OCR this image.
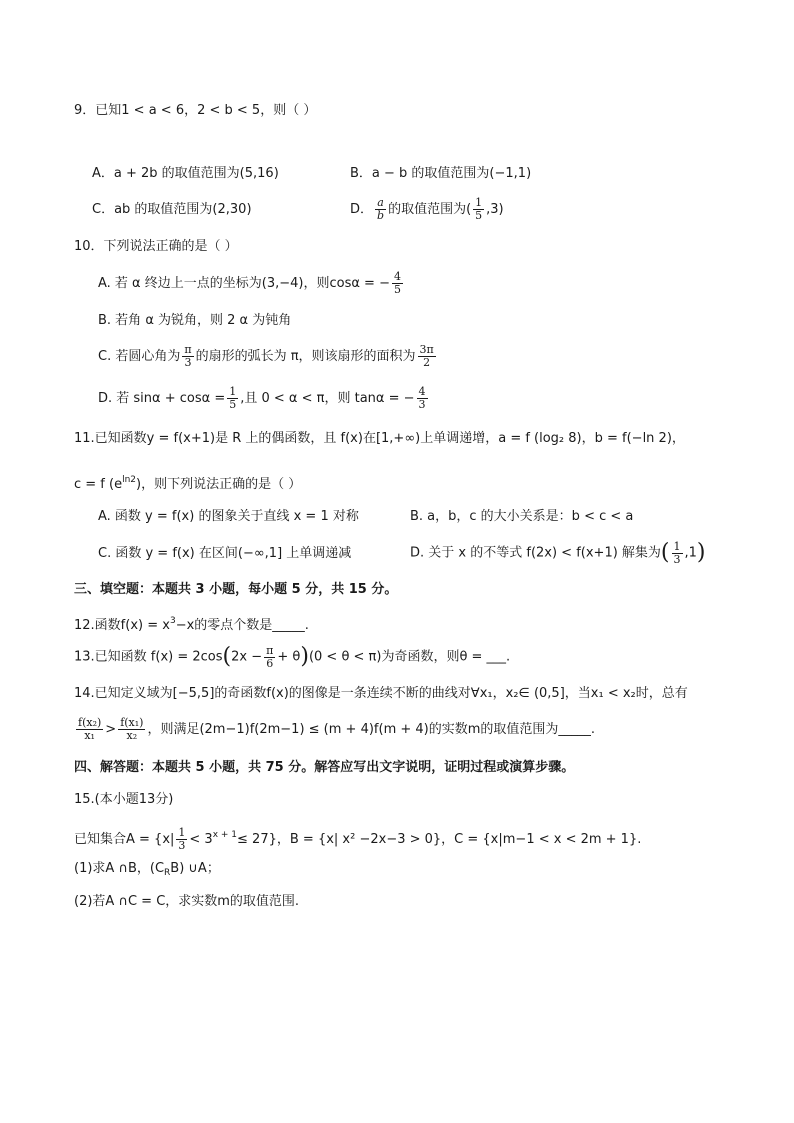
9．已知1 < a < 6，2 < b < 5，则（ ）
A．a + 2b 的取值范围为(5,16)	B．a − b 的取值范围为(−1,1)
C．ab 的取值范围为(2,30)	D． $\frac{a}{b}$ 的取值范围为( $\frac{1}{5} ,3$)
10．下列说法正确的是（ ）
A. 若 α 终边上一点的坐标为(3,−4)，则cosα = − $\frac{4}{5}$
B. 若角 α 为锐角，则 2 α 为钝角
C. 若圆心角为 $\frac{\pi}{3}$ 的扇形的弧长为 π，则该扇形的面积为 $\frac{3\pi}{2}$
D. 若 $\sin\alpha + \cos\alpha = \frac{1}{5}$ ,且 0 < α < π，则 tanα = − $\frac{4}{3}$
11.已知函数y = f(x+1)是 R 上的偶函数，且 f(x)在[1,+∞)上单调递增，a = f (log₂ 8)，b = f(−ln 2)，
c = f $(e^{ln2})$，则下列说法正确的是（ ）
A. 函数 y = f(x) 的图象关于直线 x = 1 对称	B. a，b，c 的大小关系是：b < c < a
C. 函数 y = f(x) 在区间(−∞,1] 上单调递减	D. 关于 x 的不等式 f(2x) < f(x+1) 解集为( $\frac{1}{3} ,1$)
三、填空题：本题共 3 小题，每小题 5 分，共 15 分。
12.函数$f(x) = x^3-x$的零点个数是_____.
13.已知函数 $f(x) = 2\cos(2x - \frac{\pi}{6} + \theta)(0 < \theta < \pi)$为奇函数，则θ = ___.
14.已知定义域为[−5,5]的奇函数f(x)的图像是一条连续不断的曲线对∀x₁，x₂∈ (0,5]，当x₁ < x₂时，总有
$\frac{\text{f(x₂)}}{\text{x₁}} > \frac{\text{f(x₁)}}{\text{x₂}}$ ，则满足(2m−1)f(2m−1) ≤ (m + 4)f(m + 4)的实数m的取值范围为_____.
四、解答题：本题共 5 小题，共 75 分。解答应写出文字说明，证明过程或演算步骤。
15.(本小题13分)
已知集合$A = \{x| \frac{1}{3} < 3^{x + 1}\le 27\}$，B = {x| x² −2x−3 > 0}，C = {x|m−1 < x < 2m + 1}.
(1)求A ∩B，$(C_RB)$ ∪A；
(2)若A ∩C = C，求实数m的取值范围.
